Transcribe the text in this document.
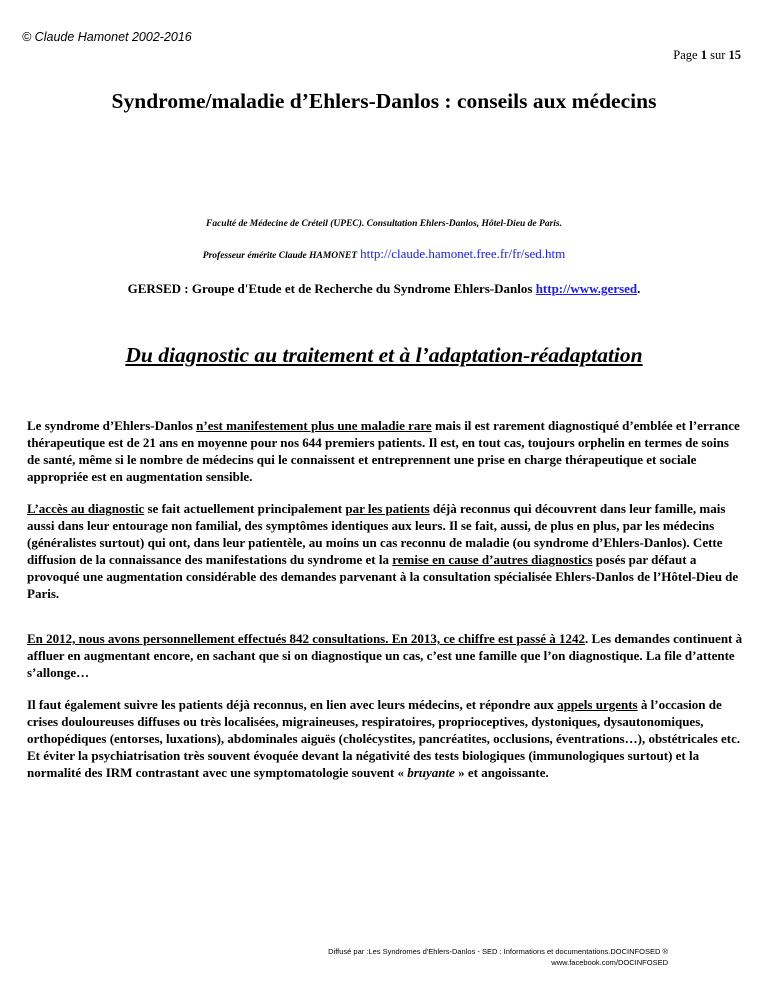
© Claude Hamonet 2002-2016
Page 1 sur 15
Syndrome/maladie d’Ehlers-Danlos : conseils aux médecins
Faculté de Médecine de Créteil (UPEC). Consultation Ehlers-Danlos, Hôtel-Dieu de Paris.
Professeur émérite Claude HAMONET http://claude.hamonet.free.fr/fr/sed.htm
GERSED : Groupe d'Etude et de Recherche du Syndrome Ehlers-Danlos http://www.gersed.
Du diagnostic au traitement et à l’adaptation-réadaptation
Le syndrome d’Ehlers-Danlos n’est manifestement plus une maladie rare mais il est rarement diagnostiqué d’emblée et l’errance thérapeutique est de 21 ans en moyenne pour nos 644 premiers patients. Il est, en tout cas, toujours orphelin en termes de soins de santé, même si le nombre de médecins qui le connaissent et entreprennent une prise en charge thérapeutique et sociale appropriée est en augmentation sensible.
L’accès au diagnostic se fait actuellement principalement par les patients déjà reconnus qui découvrent dans leur famille, mais aussi dans leur entourage non familial, des symptômes identiques aux leurs. Il se fait, aussi, de plus en plus, par les médecins (généralistes surtout) qui ont, dans leur patientèle, au moins un cas reconnu de maladie (ou syndrome d’Ehlers-Danlos). Cette diffusion de la connaissance des manifestations du syndrome et la remise en cause d’autres diagnostics posés par défaut a provoqué une augmentation considérable des demandes parvenant à la consultation spécialisée Ehlers-Danlos de l’Hôtel-Dieu de Paris.
En 2012, nous avons personnellement effectués 842 consultations. En 2013, ce chiffre est passé à 1242. Les demandes continuent à affluer en augmentant encore, en sachant que si on diagnostique un cas, c’est une famille que l’on diagnostique. La file d’attente s’allonge…
Il faut également suivre les patients déjà reconnus, en lien avec leurs médecins, et répondre aux appels urgents à l’occasion de crises douloureuses diffuses ou très localisées, migraineuses, respiratoires, proprioceptives, dystoniques, dysautonomiques, orthopédiques (entorses, luxations), abdominales aiguës (cholécystites, pancréatites, occlusions, éventrations…), obstétricales etc. Et éviter la psychiatrisation très souvent évoquée devant la négativité des tests biologiques (immunologiques surtout) et la normalité des IRM contrastant avec une symptomatologie souvent « bruyante » et angoissante.
Diffusé par :Les Syndromes d'Ehlers-Danlos - SED : Informations et documentations.DOCINFOSED ®
www.facebook.com/DOCINFOSED
